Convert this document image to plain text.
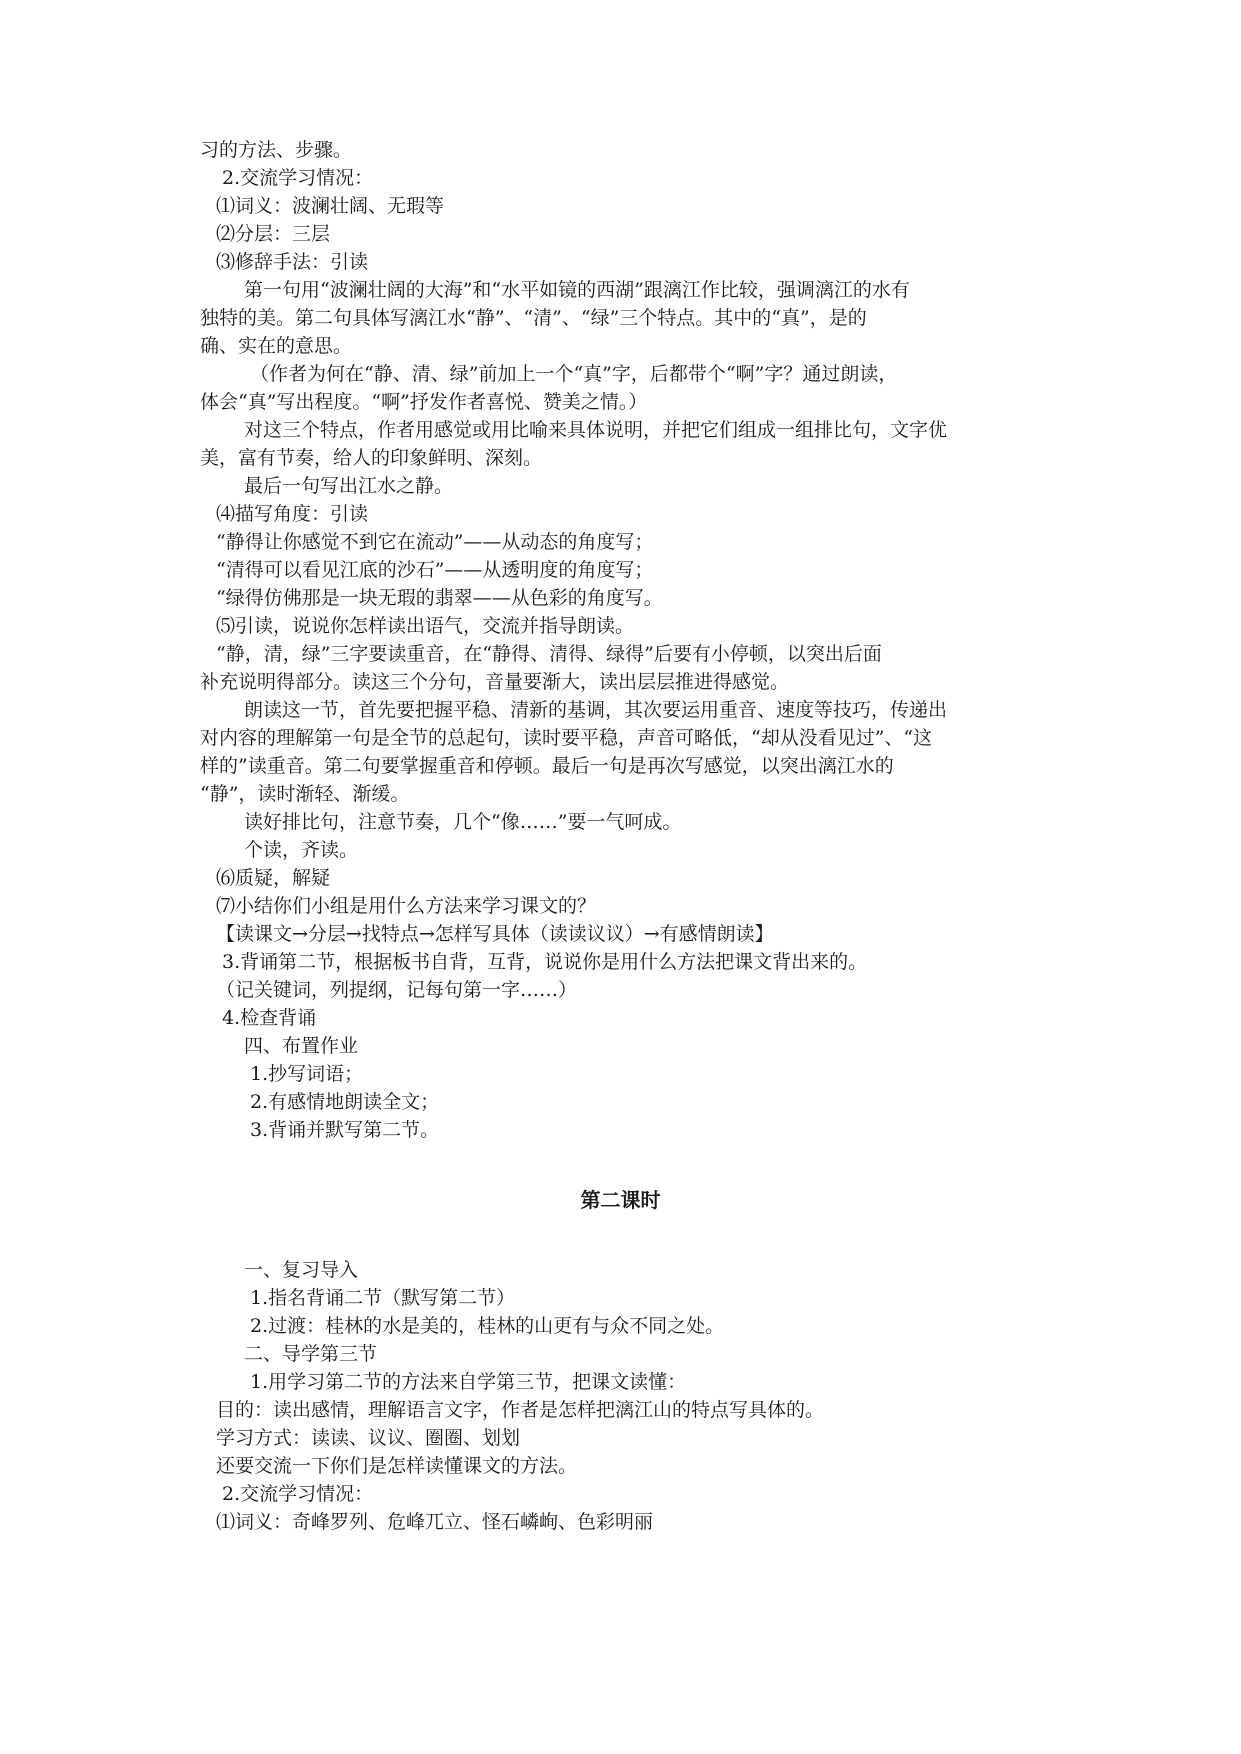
习的方法、步骤。
2.交流学习情况：
⑴词义：波澜壮阔、无瑕等
⑵分层：三层
⑶修辞手法：引读
第一句用“波澜壮阔的大海”和“水平如镜的西湖”跟漓江作比较，强调漓江的水有
独特的美。第二句具体写漓江水“静”、“清”、“绿”三个特点。其中的“真”，是的
确、实在的意思。
（作者为何在“静、清、绿”前加上一个“真”字，后都带个“啊”字？通过朗读，
体会“真”写出程度。“啊”抒发作者喜悦、赞美之情。）
对这三个特点，作者用感觉或用比喻来具体说明，并把它们组成一组排比句，文字优
美，富有节奏，给人的印象鲜明、深刻。
最后一句写出江水之静。
⑷描写角度：引读
“静得让你感觉不到它在流动”——从动态的角度写；
“清得可以看见江底的沙石”——从透明度的角度写；
“绿得仿佛那是一块无瑕的翡翠——从色彩的角度写。
⑸引读，说说你怎样读出语气，交流并指导朗读。
“静，清，绿”三字要读重音，在“静得、清得、绿得”后要有小停顿，以突出后面
补充说明得部分。读这三个分句，音量要渐大，读出层层推进得感觉。
朗读这一节，首先要把握平稳、清新的基调，其次要运用重音、速度等技巧，传递出
对内容的理解第一句是全节的总起句，读时要平稳，声音可略低，“却从没看见过”、“这
样的”读重音。第二句要掌握重音和停顿。最后一句是再次写感觉，以突出漓江水的
“静”，读时渐轻、渐缓。
读好排比句，注意节奏，几个“像……”要一气呵成。
个读，齐读。
⑹质疑，解疑
⑺小结你们小组是用什么方法来学习课文的？
【读课文→分层→找特点→怎样写具体（读读议议）→有感情朗读】
3.背诵第二节，根据板书自背，互背，说说你是用什么方法把课文背出来的。
（记关键词，列提纲，记每句第一字……）
4.检查背诵
四、布置作业
1.抄写词语；
2.有感情地朗读全文；
3.背诵并默写第二节。
第二课时
一、复习导入
1.指名背诵二节（默写第二节）
2.过渡：桂林的水是美的，桂林的山更有与众不同之处。
二、导学第三节
1.用学习第二节的方法来自学第三节，把课文读懂：
目的：读出感情，理解语言文字，作者是怎样把漓江山的特点写具体的。
学习方式：读读、议议、圈圈、划划
还要交流一下你们是怎样读懂课文的方法。
2.交流学习情况：
⑴词义：奇峰罗列、危峰兀立、怪石嶙峋、色彩明丽
